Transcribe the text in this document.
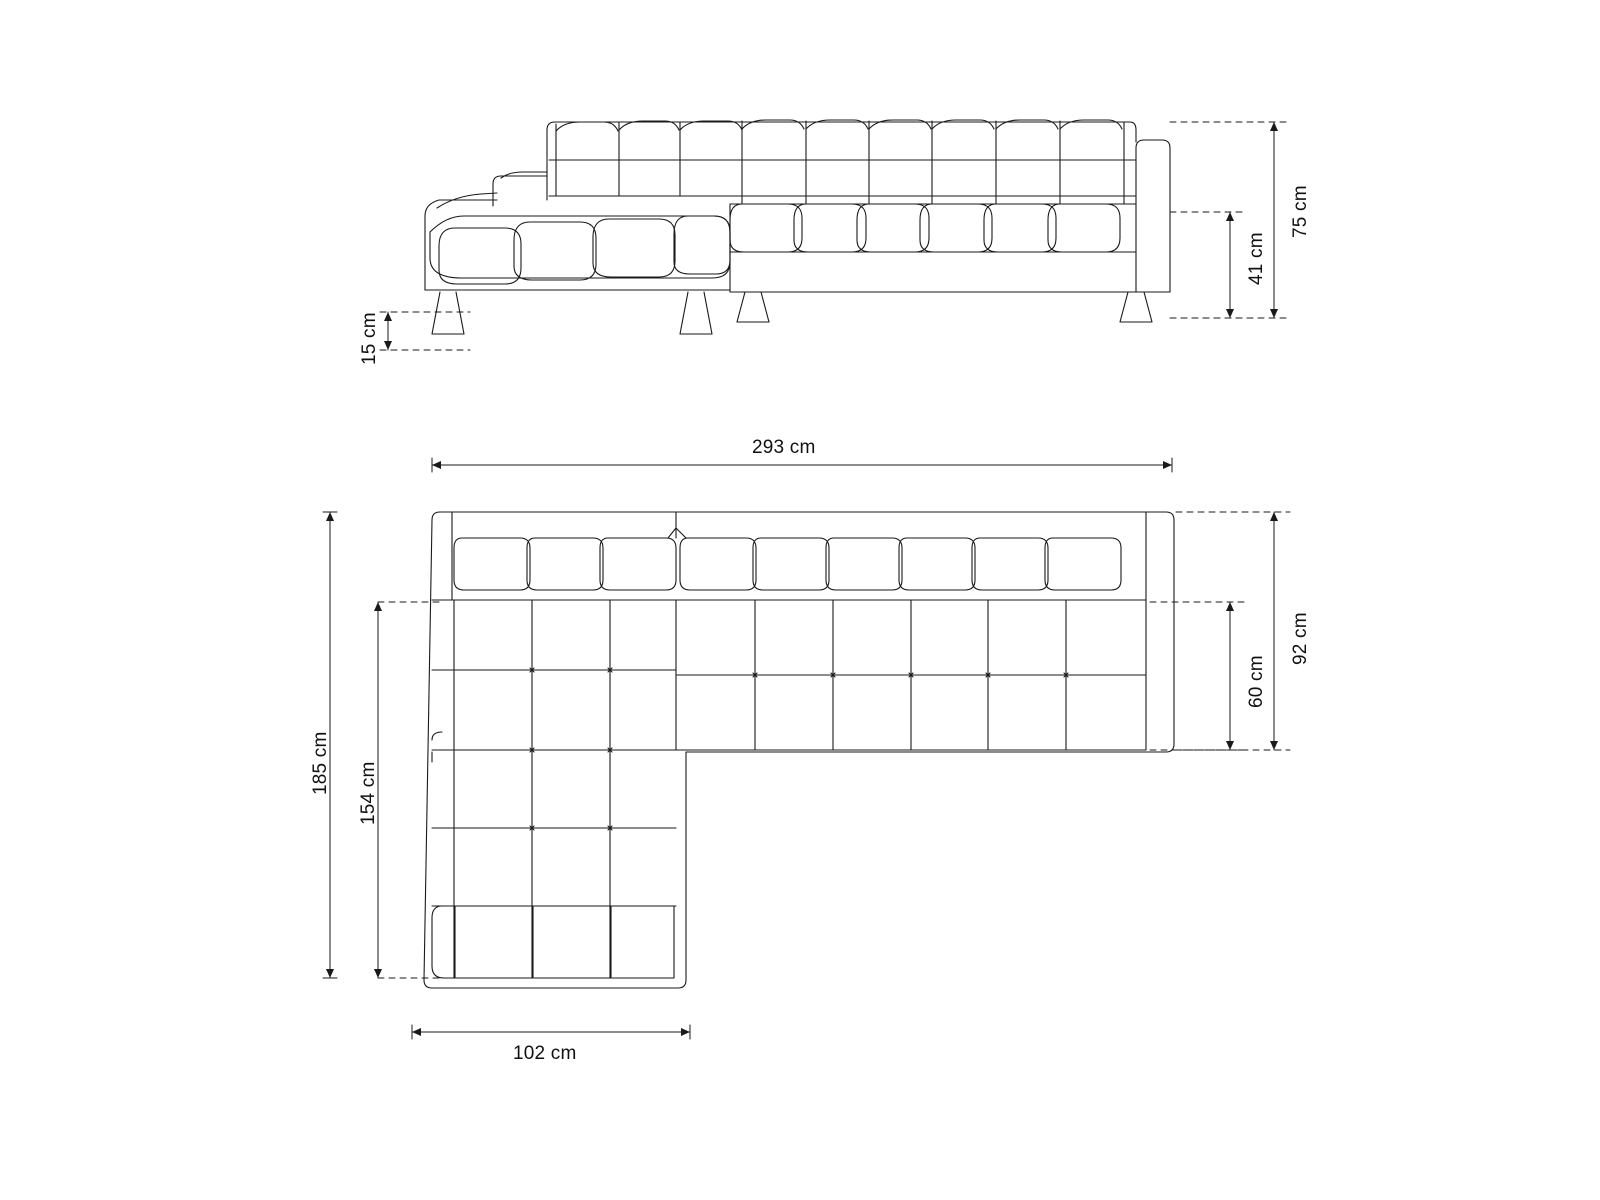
75 cm
41 cm
15 cm
293 cm
185 cm 154 cm
92 cm
60 cm
102 cm
